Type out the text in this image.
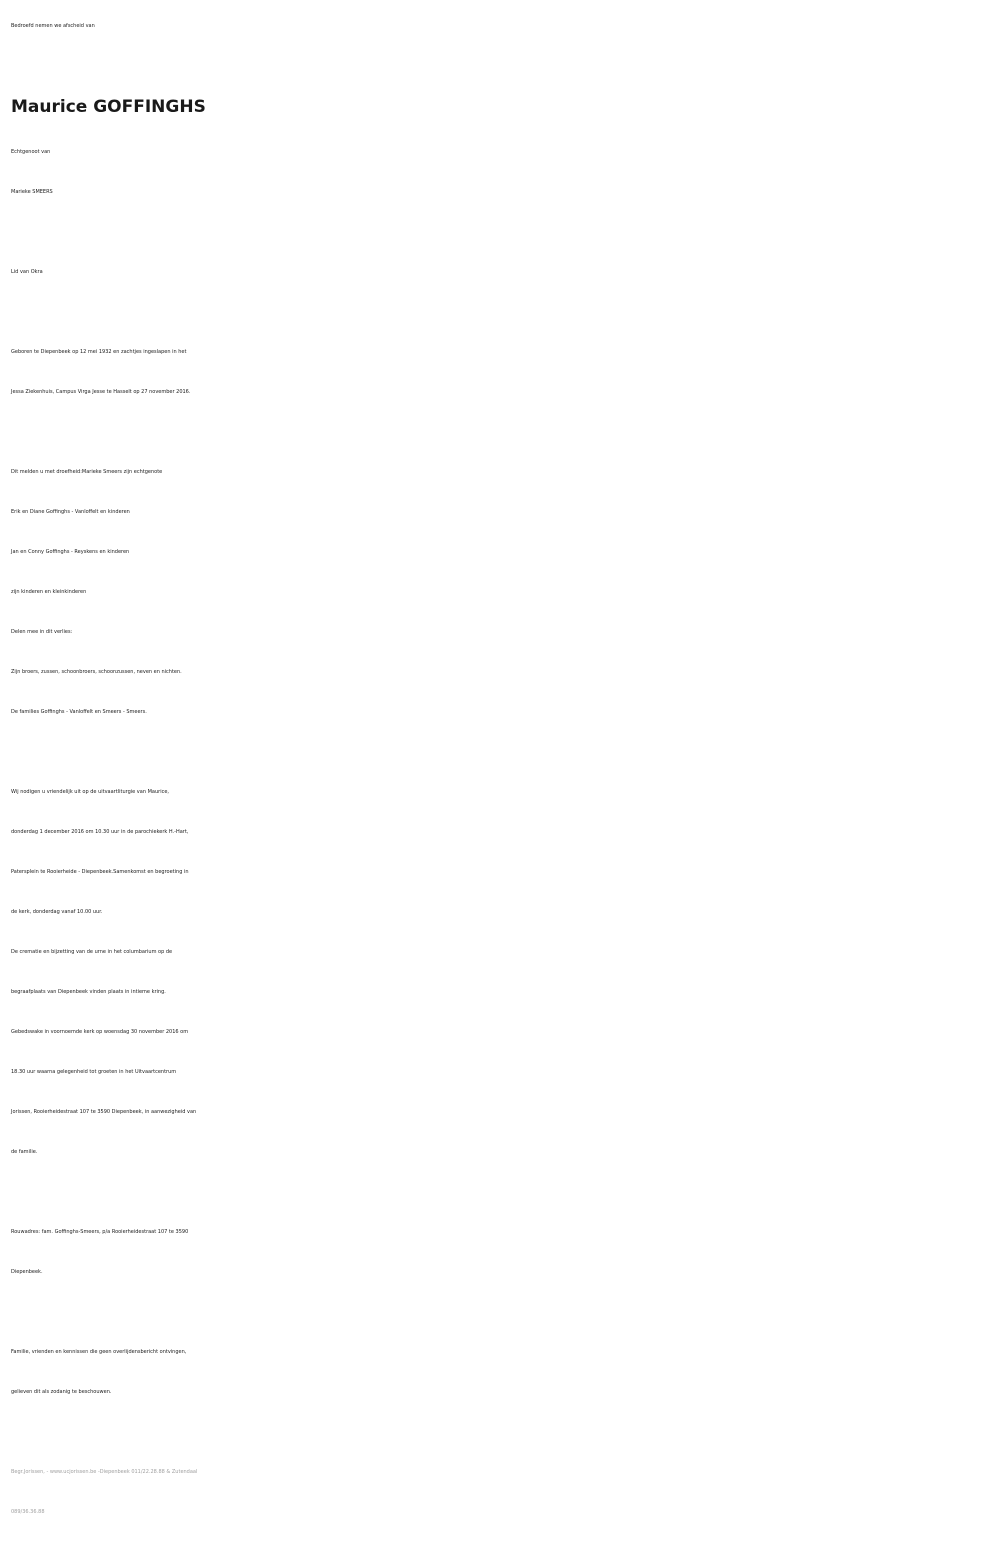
Bedroefd nemen we afscheid van

Maurice GOFFINGHS

Echtgenoot van

Marieke SMEERS

Lid van Okra

Geboren te Diepenbeek op 12 mei 1932 en zachtjes ingeslapen in het

Jessa Ziekenhuis, Campus Virga Jesse te Hasselt op 27 november 2016.

Dit melden u met droefheid:Marieke Smeers zijn echtgenote

Erik en Diane Goffinghs - Vanloffelt en kinderen

Jan en Conny Goffinghs - Reyskens en kinderen

zijn kinderen en kleinkinderen

Delen mee in dit verlies:

Zijn broers, zussen, schoonbroers, schoonzussen, neven en nichten.

De families Goffinghs - Vanloffelt en Smeers - Smeers.

Wij nodigen u vriendelijk uit op de uitvaartliturgie van Maurice,

donderdag 1 december 2016 om 10.30 uur in de parochiekerk H.-Hart,

Patersplein te Rooierheide - Diepenbeek.Samenkomst en begroeting in

de kerk, donderdag vanaf 10.00 uur.

De crematie en bijzetting van de urne in het columbarium op de

begraafplaats van Diepenbeek vinden plaats in intieme kring.

Gebedswake in voornoemde kerk op woensdag 30 november 2016 om

18.30 uur waarna gelegenheid tot groeten in het Uitvaartcentrum

Jorissen, Rooierheidestraat 107 te 3590 Diepenbeek, in aanwezigheid van

de familie.

Rouwadres: fam. Goffinghs-Smeers, p/a Rooierheidestraat 107 te 3590

Diepenbeek.

Familie, vrienden en kennissen die geen overlijdensbericht ontvingen,

gelieven dit als zodanig te beschouwen.

Begr.Jorissen, - www.ucjorissen.be -Diepenbeek 011/22.28.88 & Zutendaal

089/36.36.88
